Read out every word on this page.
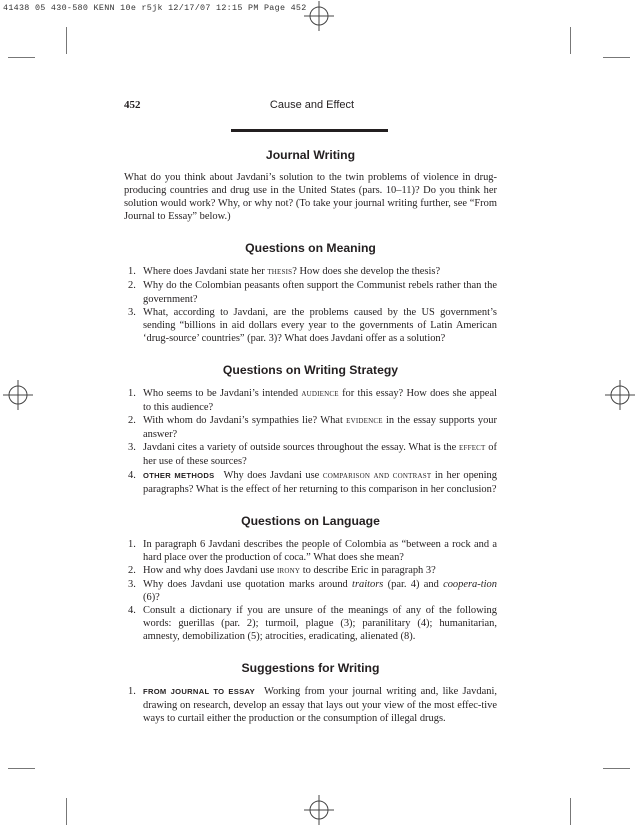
41438 05 430-580 KENN 10e r5jk 12/17/07 12:15 PM Page 452
452	Cause and Effect
Journal Writing

What do you think about Javdani’s solution to the twin problems of violence in drug-producing countries and drug use in the United States (pars. 10–11)? Do you think her solution would work? Why, or why not? (To take your journal writing further, see “From Journal to Essay” below.)

Questions on Meaning
1. Where does Javdani state her thesis? How does she develop the thesis?
2. Why do the Colombian peasants often support the Communist rebels rather than the government?
3. What, according to Javdani, are the problems caused by the US government’s sending “billions in aid dollars every year to the governments of Latin American ‘drug-source’ countries” (par. 3)? What does Javdani offer as a solution?
Questions on Writing Strategy
1. Who seems to be Javdani’s intended audience for this essay? How does she appeal to this audience?
2. With whom do Javdani’s sympathies lie? What evidence in the essay supports your answer?
3. Javdani cites a variety of outside sources throughout the essay. What is the effect of her use of these sources?
4. OTHER METHODS Why does Javdani use comparison and contrast in her opening paragraphs? What is the effect of her returning to this comparison in her conclusion?
Questions on Language
1. In paragraph 6 Javdani describes the people of Colombia as “between a rock and a hard place over the production of coca.” What does she mean?
2. How and why does Javdani use irony to describe Eric in paragraph 3?
3. Why does Javdani use quotation marks around traitors (par. 4) and coopera-tion (6)?
4. Consult a dictionary if you are unsure of the meanings of any of the following words: guerillas (par. 2); turmoil, plague (3); paranilitary (4); humanitarian, amnesty, demobilization (5); atrocities, eradicating, alienated (8).
Suggestions for Writing
1. FROM JOURNAL TO ESSAY Working from your journal writing and, like Javdani, drawing on research, develop an essay that lays out your view of the most effec-tive ways to curtail either the production or the consumption of illegal drugs.
